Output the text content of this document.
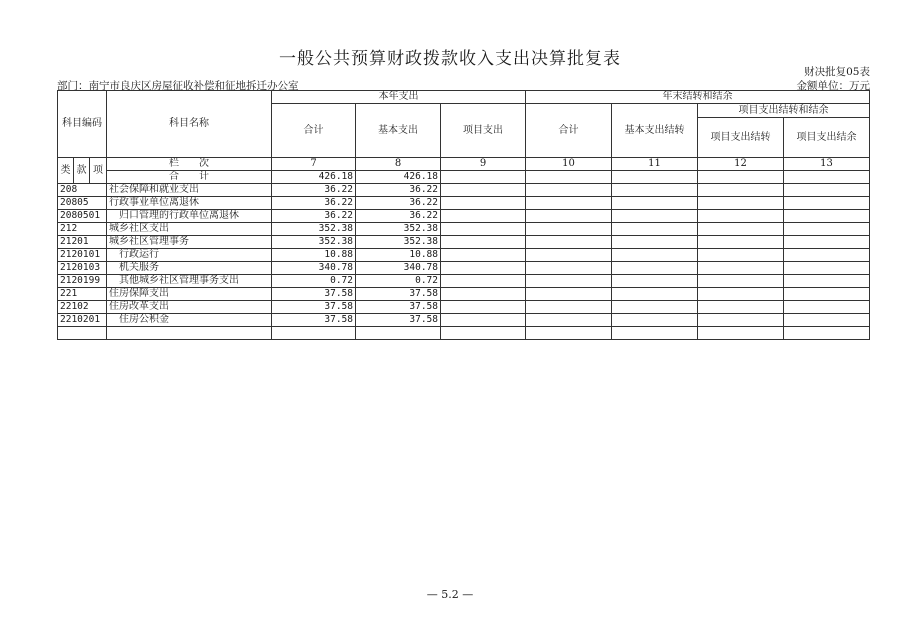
一般公共预算财政拨款收入支出决算批复表
财决批复05表
部门：南宁市良庆区房屋征收补偿和征地拆迁办公室	金额单位：万元
科目编码			科目名称	本年支出			年末结转和结余			
				合计	基本支出	项目支出	合计	基本支出结转	项目支出结转和结余	
									项目支出结转	项目支出结余

类	款	项	栏　　次	7	8	9	10	11	12	13
			合　　计	426.18	426.18					
208			社会保障和就业支出	36.22	36.22					
20805			行政事业单位离退休	36.22	36.22					
2080501			　归口管理的行政单位离退休	36.22	36.22					
212			城乡社区支出	352.38	352.38					
21201			城乡社区管理事务	352.38	352.38					
2120101			　行政运行	10.88	10.88					
2120103			　机关服务	340.78	340.78					
2120199			　其他城乡社区管理事务支出	0.72	0.72					
221			住房保障支出	37.58	37.58					
22102			住房改革支出	37.58	37.58					
2210201			　住房公积金	37.58	37.58					

— 5.2 —
